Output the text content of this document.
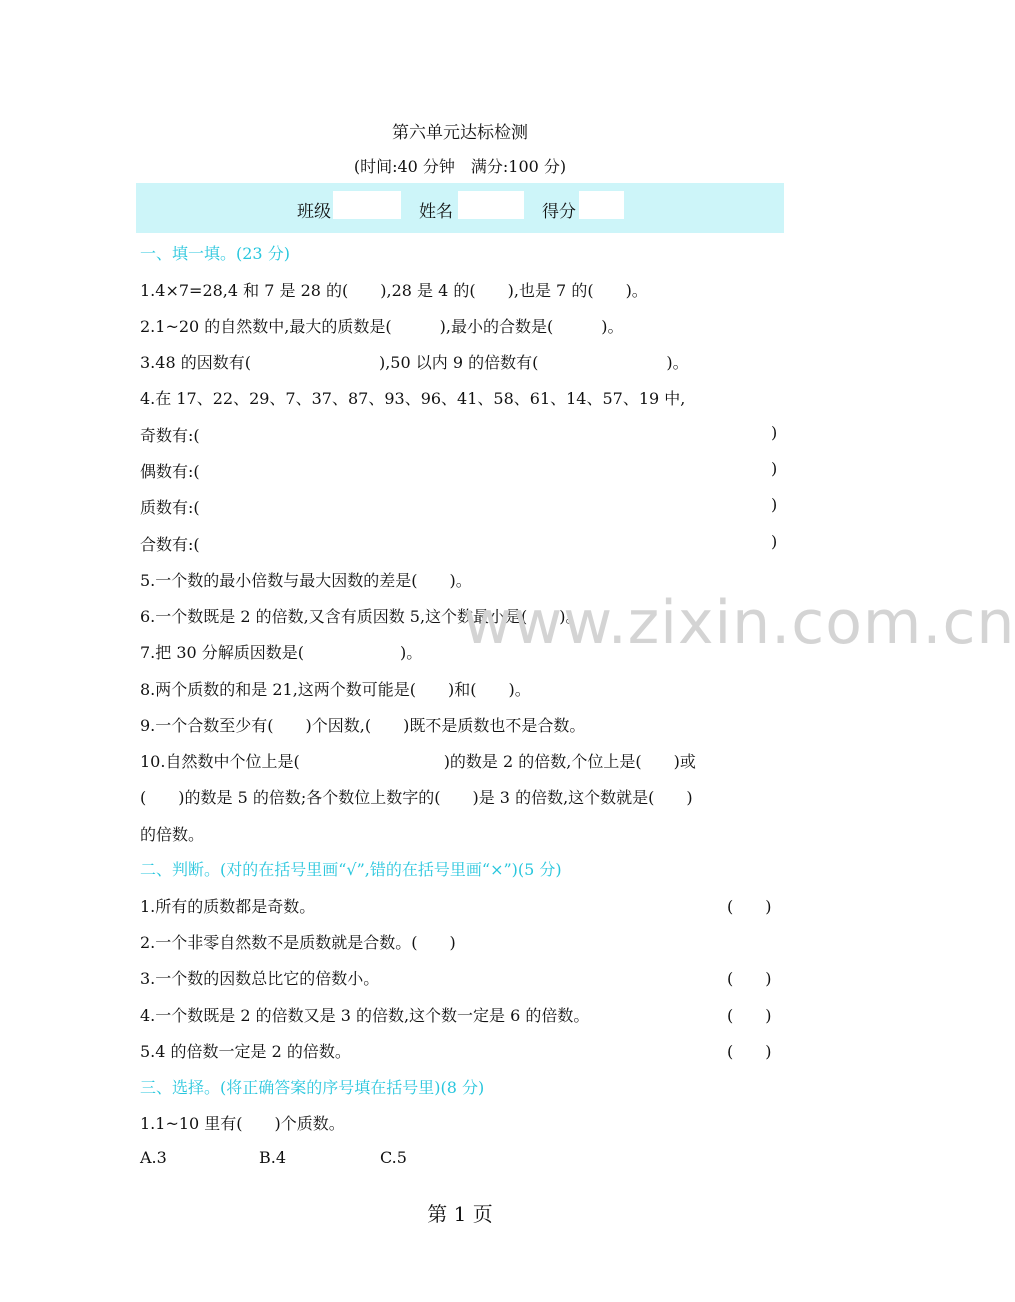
第六单元达标检测
(时间:40 分钟　满分:100 分)
班级	姓名	得分
一、填一填。(23 分)
1.4×7=28,4 和 7 是 28 的(　　),28 是 4 的(　　),也是 7 的(　　)。
2.1~20 的自然数中,最大的质数是(　　　),最小的合数是(　　　)。
3.48 的因数有(　　　　　　　　),50 以内 9 的倍数有(　　　　　　　　)。
4.在 17、22、29、7、37、87、93、96、41、58、61、14、57、19 中,
奇数有:(	)
偶数有:(	)
质数有:(	)
合数有:(	)
5.一个数的最小倍数与最大因数的差是(　　)。
6.一个数既是 2 的倍数,又含有质因数 5,这个数最小是(　　)。
www.zixin.com.cn
7.把 30 分解质因数是(　　　　　　)。
8.两个质数的和是 21,这两个数可能是(　　)和(　　)。
9.一个合数至少有(　　)个因数,(　　)既不是质数也不是合数。
10.自然数中个位上是(　　　　　　　　　)的数是 2 的倍数,个位上是(　　)或
(　　)的数是 5 的倍数;各个数位上数字的(　　)是 3 的倍数,这个数就是(　　)
的倍数。
二、判断。(对的在括号里画“√”,错的在括号里画“×”)(5 分)
1.所有的质数都是奇数。	(　　)
2.一个非零自然数不是质数就是合数。(　　)
3.一个数的因数总比它的倍数小。	(　　)
4.一个数既是 2 的倍数又是 3 的倍数,这个数一定是 6 的倍数。	(　　)
5.4 的倍数一定是 2 的倍数。	(　　)
三、选择。(将正确答案的序号填在括号里)(8 分)
1.1~10 里有(　　)个质数。
A.3	B.4	C.5
第 1 页
